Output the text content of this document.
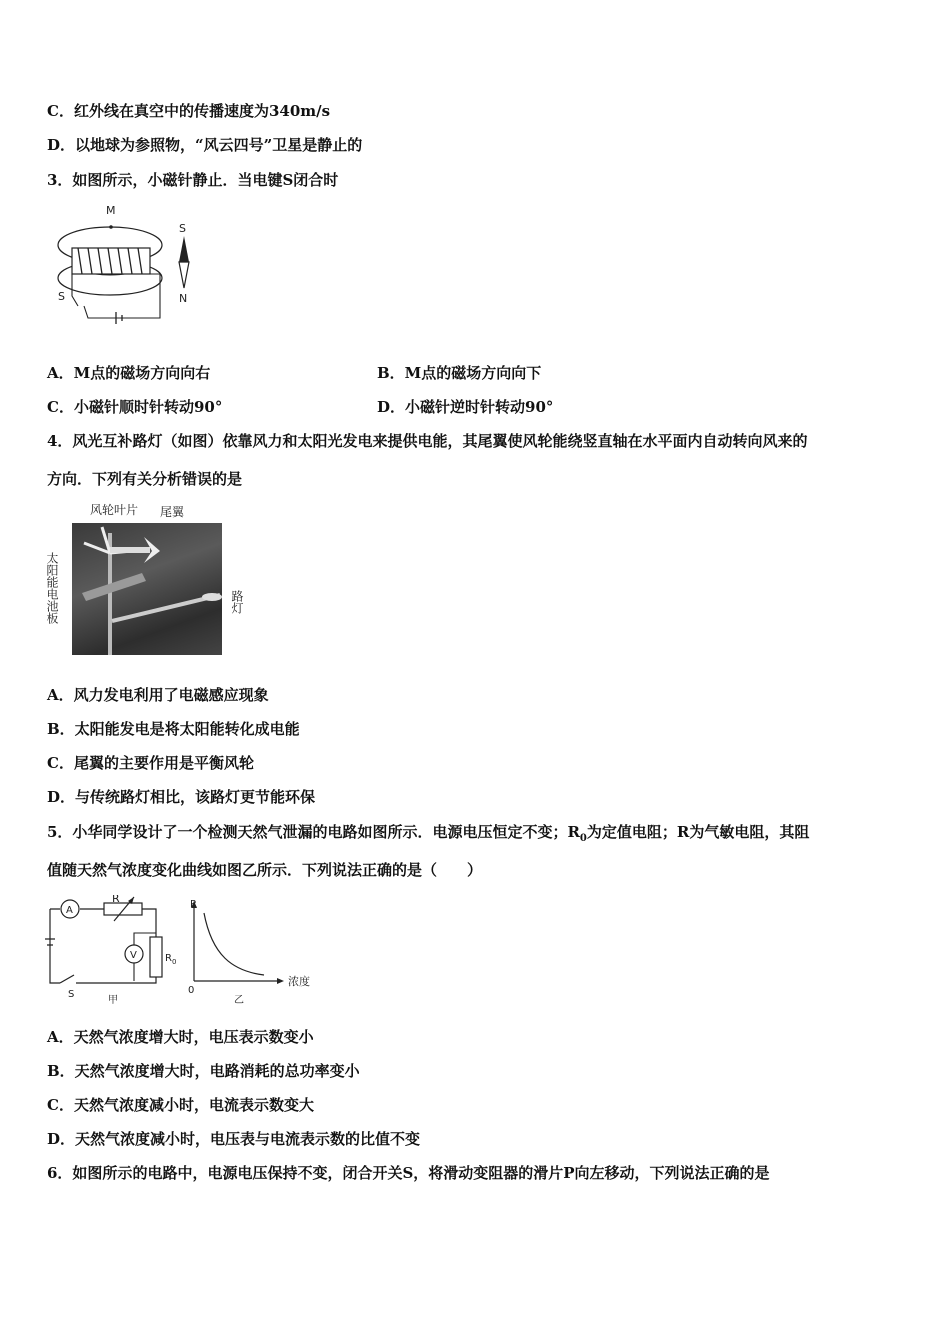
C．红外线在真空中的传播速度为340m/s
D．以地球为参照物，“风云四号”卫星是静止的
3．如图所示，小磁针静止．当电键S闭合时
M
S
S
N
A．M点的磁场方向向右	B．M点的磁场方向向下
C．小磁针顺时针转动90°	D．小磁针逆时针转动90°
4．风光互补路灯（如图）依靠风力和太阳光发电来提供电能，其尾翼使风轮能绕竖直轴在水平面内自动转向风来的
方向．下列有关分析错误的是
风轮叶片 尾翼
太阳能电池板	路灯
A．风力发电利用了电磁感应现象
B．太阳能发电是将太阳能转化成电能
C．尾翼的主要作用是平衡风轮
D．与传统路灯相比，该路灯更节能环保
5．小华同学设计了一个检测天然气泄漏的电路如图所示．电源电压恒定不变；$R_0$为定值电阻；R为气敏电阻，其阻
值随天然气浓度变化曲线如图乙所示．下列说法正确的是（　　）
A
R
R 0
V
S
甲
R
浓度
0
乙
A．天然气浓度增大时，电压表示数变小
B．天然气浓度增大时，电路消耗的总功率变小
C．天然气浓度减小时，电流表示数变大
D．天然气浓度减小时，电压表与电流表示数的比值不变
6．如图所示的电路中，电源电压保持不变，闭合开关S，将滑动变阻器的滑片P向左移动，下列说法正确的是
